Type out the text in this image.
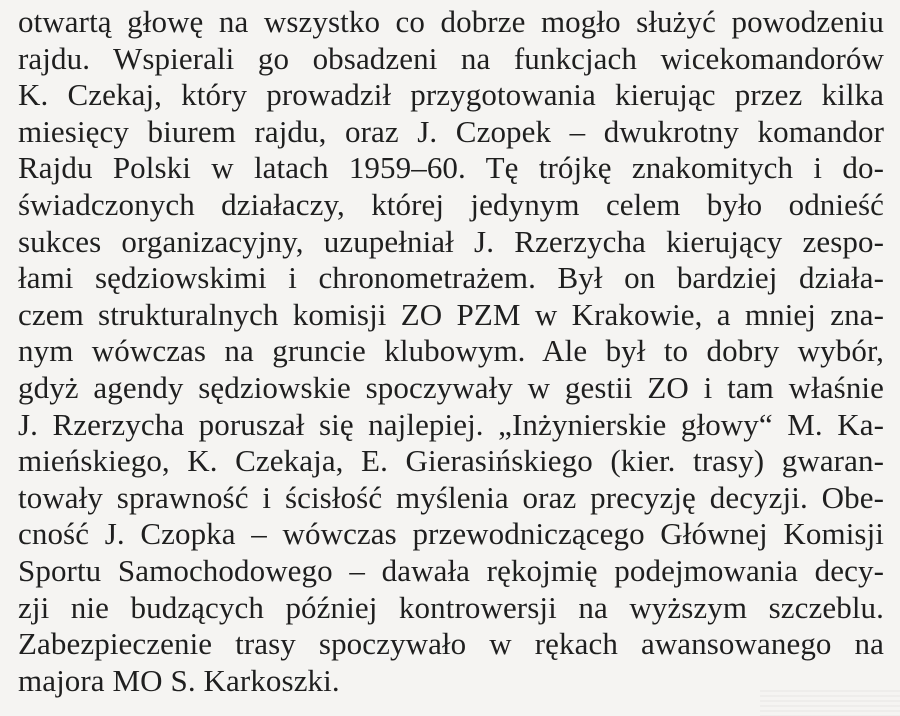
otwartą głowę na wszystko co dobrze mogło służyć powodzeniu
rajdu. Wspierali go obsadzeni na funkcjach wicekomandorów
K. Czekaj, który prowadził przygotowania kierując przez kilka
miesięcy biurem rajdu, oraz J. Czopek – dwukrotny komandor
Rajdu Polski w latach 1959–60. Tę trójkę znakomitych i do-
świadczonych działaczy, której jedynym celem było odnieść
sukces organizacyjny, uzupełniał J. Rzerzycha kierujący zespo-
łami sędziowskimi i chronometrażem. Był on bardziej działa-
czem strukturalnych komisji ZO PZM w Krakowie, a mniej zna-
nym wówczas na gruncie klubowym. Ale był to dobry wybór,
gdyż agendy sędziowskie spoczywały w gestii ZO i tam właśnie
J. Rzerzycha poruszał się najlepiej. „Inżynierskie głowy“ M. Ka-
mieńskiego, K. Czekaja, E. Gierasińskiego (kier. trasy) gwaran-
towały sprawność i ścisłość myślenia oraz precyzję decyzji. Obe-
cność J. Czopka – wówczas przewodniczącego Głównej Komisji
Sportu Samochodowego – dawała rękojmię podejmowania decy-
zji nie budzących później kontrowersji na wyższym szczeblu.
Zabezpieczenie trasy spoczywało w rękach awansowanego na
majora MO S. Karkoszki.
